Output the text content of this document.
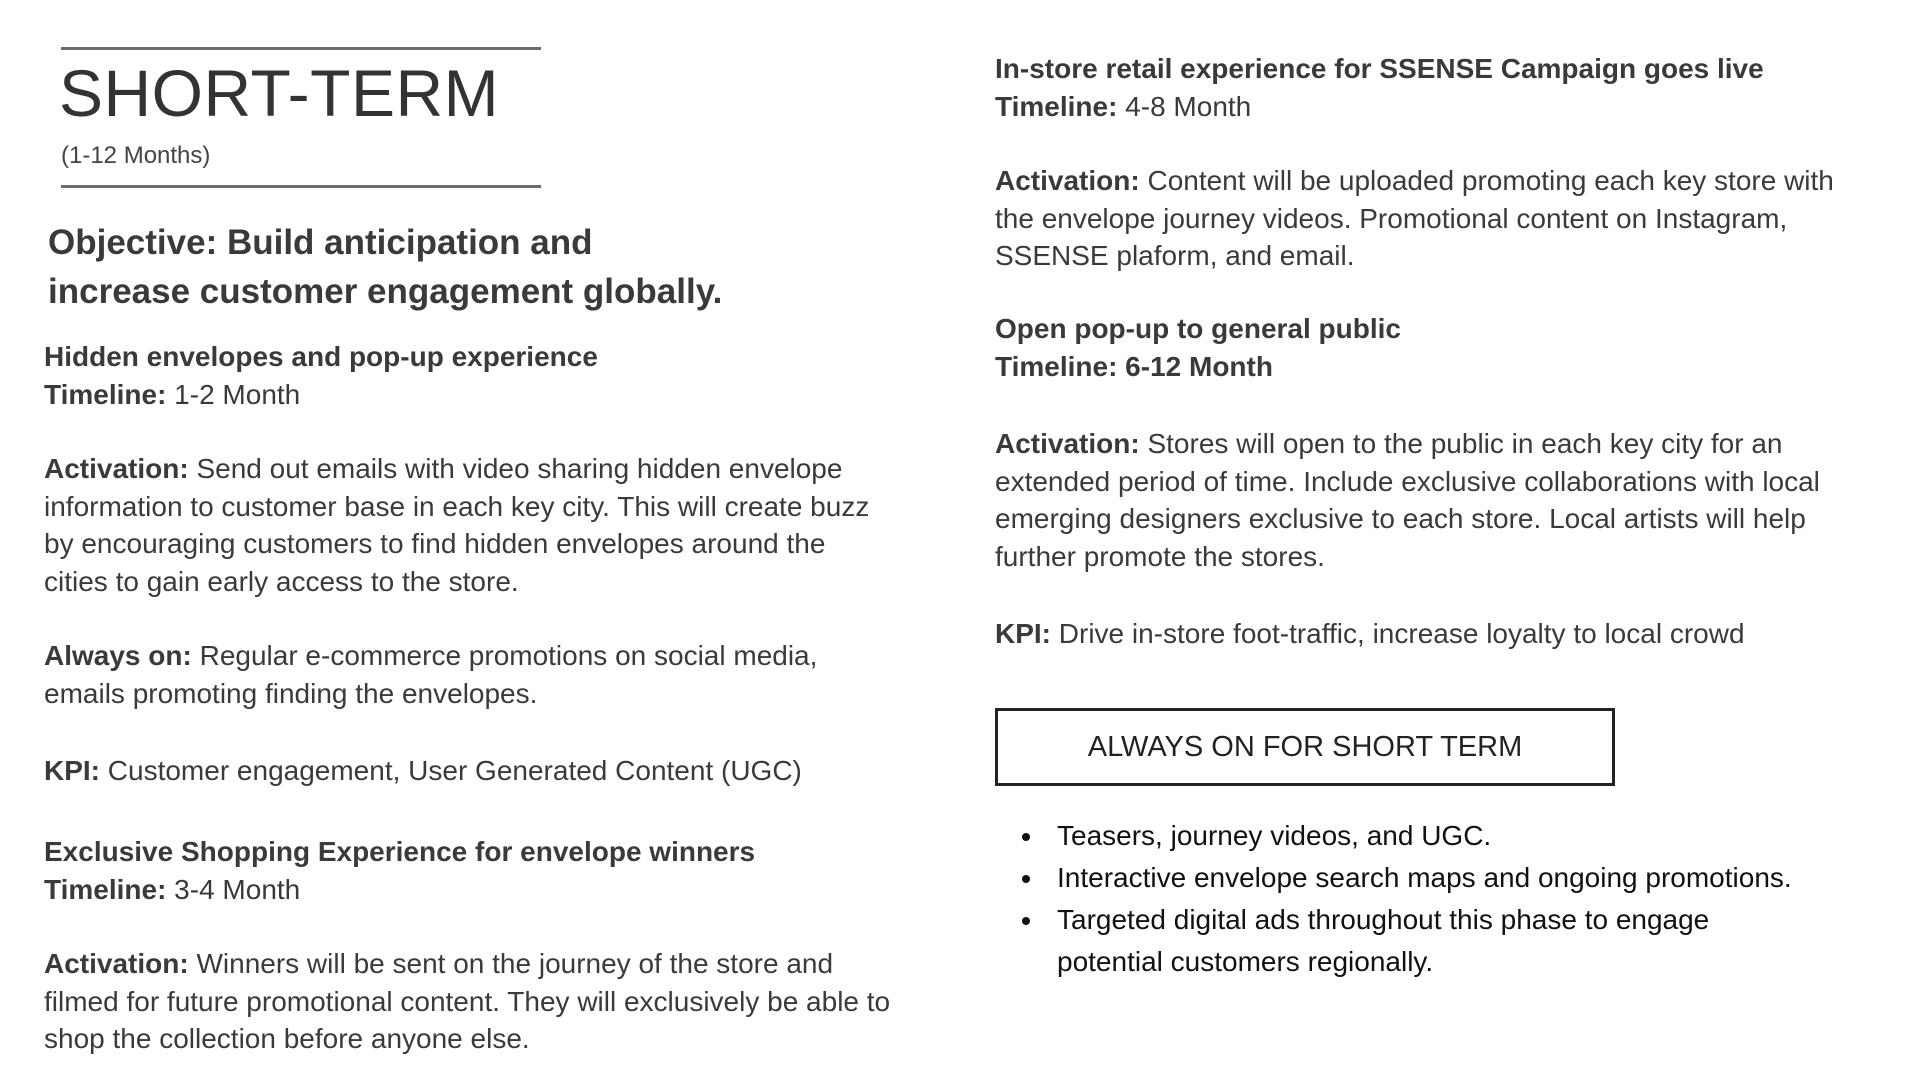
SHORT-TERM
(1-12 Months)
Objective: Build anticipation and
increase customer engagement globally.

Hidden envelopes and pop-up experience

Timeline: 1-2 Month

Activation: Send out emails with video sharing hidden envelope information to customer base in each key city. This will create buzz by encouraging customers to find hidden envelopes around the cities to gain early access to the store.

Always on: Regular e-commerce promotions on social media, emails promoting finding the envelopes.

KPI: Customer engagement, User Generated Content (UGC)

Exclusive Shopping Experience for envelope winners

Timeline: 3-4 Month

Activation: Winners will be sent on the journey of the store and filmed for future promotional content. They will exclusively be able to shop the collection before anyone else.

In-store retail experience for SSENSE Campaign goes live

Timeline: 4-8 Month

Activation: Content will be uploaded promoting each key store with the envelope journey videos. Promotional content on Instagram, SSENSE plaform, and email.

Open pop-up to general public

Timeline: 6-12 Month

Activation: Stores will open to the public in each key city for an extended period of time. Include exclusive collaborations with local emerging designers exclusive to each store. Local artists will help further promote the stores.

KPI: Drive in-store foot-traffic, increase loyalty to local crowd

ALWAYS ON FOR SHORT TERM
• Teasers, journey videos, and UGC.
• Interactive envelope search maps and ongoing promotions.
• Targeted digital ads throughout this phase to engage potential customers regionally.
